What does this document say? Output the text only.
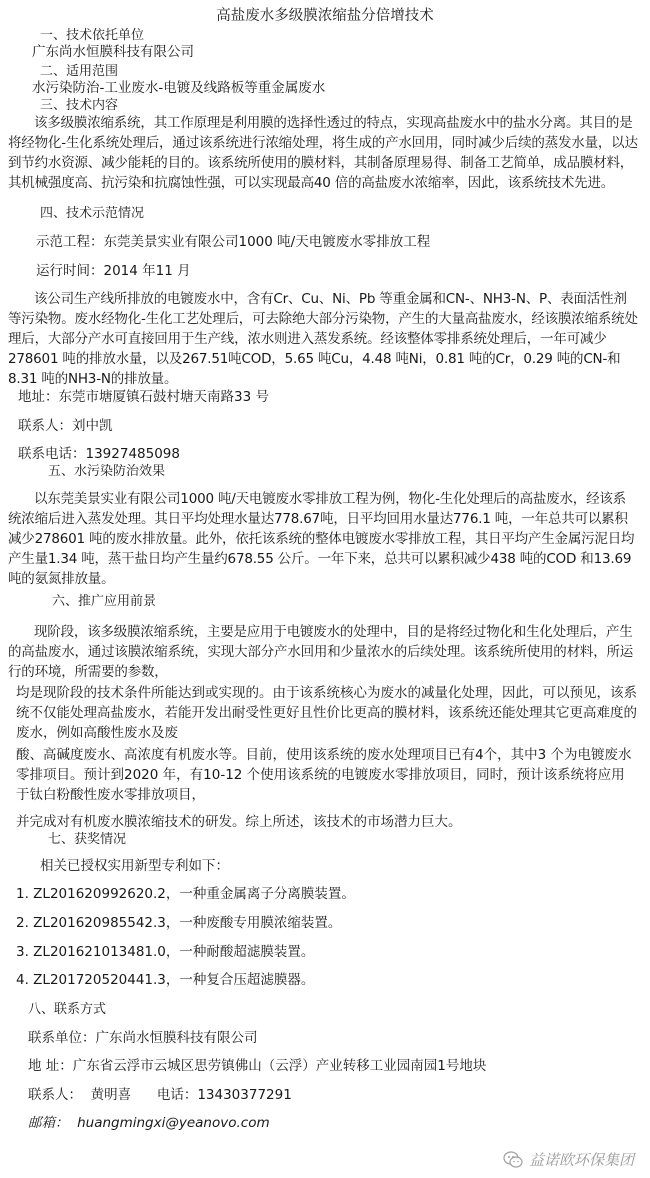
高盐废水多级膜浓缩盐分倍增技术
一、技术依托单位
广东尚水恒膜科技有限公司
二、适用范围
水污染防治-工业废水-电镀及线路板等重金属废水
三、技术内容
该多级膜浓缩系统，其工作原理是利用膜的选择性透过的特点，实现高盐废水中的盐水分离。其目的是将经物化-生化系统处理后，通过该系统进行浓缩处理，将生成的产水回用，同时减少后续的蒸发水量，以达到节约水资源、减少能耗的目的。该系统所使用的膜材料，其制备原理易得、制备工艺简单，成品膜材料，其机械强度高、抗污染和抗腐蚀性强，可以实现最高40 倍的高盐废水浓缩率，因此，该系统技术先进。
四、技术示范情况
示范工程：东莞美景实业有限公司1000 吨/天电镀废水零排放工程
运行时间：2014 年11 月
该公司生产线所排放的电镀废水中，含有Cr、Cu、Ni、Pb 等重金属和CN-、NH3-N、P、表面活性剂等污染物。废水经物化-生化工艺处理后，可去除绝大部分污染物，产生的大量高盐废水，经该膜浓缩系统处理后，大部分产水可直接回用于生产线，浓水则进入蒸发系统。经该整体零排系统处理后，一年可减少278601 吨的排放水量，以及267.51吨COD，5.65 吨Cu，4.48 吨Ni，0.81 吨的Cr，0.29 吨的CN-和8.31 吨的NH3-N的排放量。
地址：东莞市塘厦镇石鼓村塘天南路33 号
联系人：刘中凯
联系电话：13927485098
五、水污染防治效果
以东莞美景实业有限公司1000 吨/天电镀废水零排放工程为例，物化-生化处理后的高盐废水，经该系统浓缩后进入蒸发处理。其日平均处理水量达778.67吨，日平均回用水量达776.1 吨，一年总共可以累积减少278601 吨的废水排放量。此外，依托该系统的整体电镀废水零排放工程，其日平均产生金属污泥日均产生量1.34 吨，蒸干盐日均产生量约678.55 公斤。一年下来，总共可以累积减少438 吨的COD 和13.69 吨的氨氮排放量。
六、推广应用前景
现阶段，该多级膜浓缩系统，主要是应用于电镀废水的处理中，目的是将经过物化和生化处理后，产生的高盐废水，通过该膜浓缩系统，实现大部分产水回用和少量浓水的后续处理。该系统所使用的材料，所运行的环境，所需要的参数，
均是现阶段的技术条件所能达到或实现的。由于该系统核心为废水的减量化处理，因此，可以预见，该系统不仅能处理高盐废水，若能开发出耐受性更好且性价比更高的膜材料，该系统还能处理其它更高难度的废水，例如高酸性废水及废
酸、高碱度废水、高浓度有机废水等。目前，使用该系统的废水处理项目已有4个，其中3 个为电镀废水零排项目。预计到2020 年，有10-12 个使用该系统的电镀废水零排放项目，同时，预计该系统将应用于钛白粉酸性废水零排放项目，
并完成对有机废水膜浓缩技术的研发。综上所述，该技术的市场潜力巨大。
七、获奖情况
相关已授权实用新型专利如下：
1. ZL201620992620.2，一种重金属离子分离膜装置。
2. ZL201620985542.3，一种废酸专用膜浓缩装置。
3. ZL201621013481.0，一种耐酸超滤膜装置。
4. ZL201720520441.3，一种复合压超滤膜器。
八、联系方式
联系单位：广东尚水恒膜科技有限公司
地 址：广东省云浮市云城区思劳镇佛山（云浮）产业转移工业园南园1号地块
联系人：  黄明喜      电话：13430377291
邮箱：  huangmingxi@yeanovo.com
益诺欧环保集团
